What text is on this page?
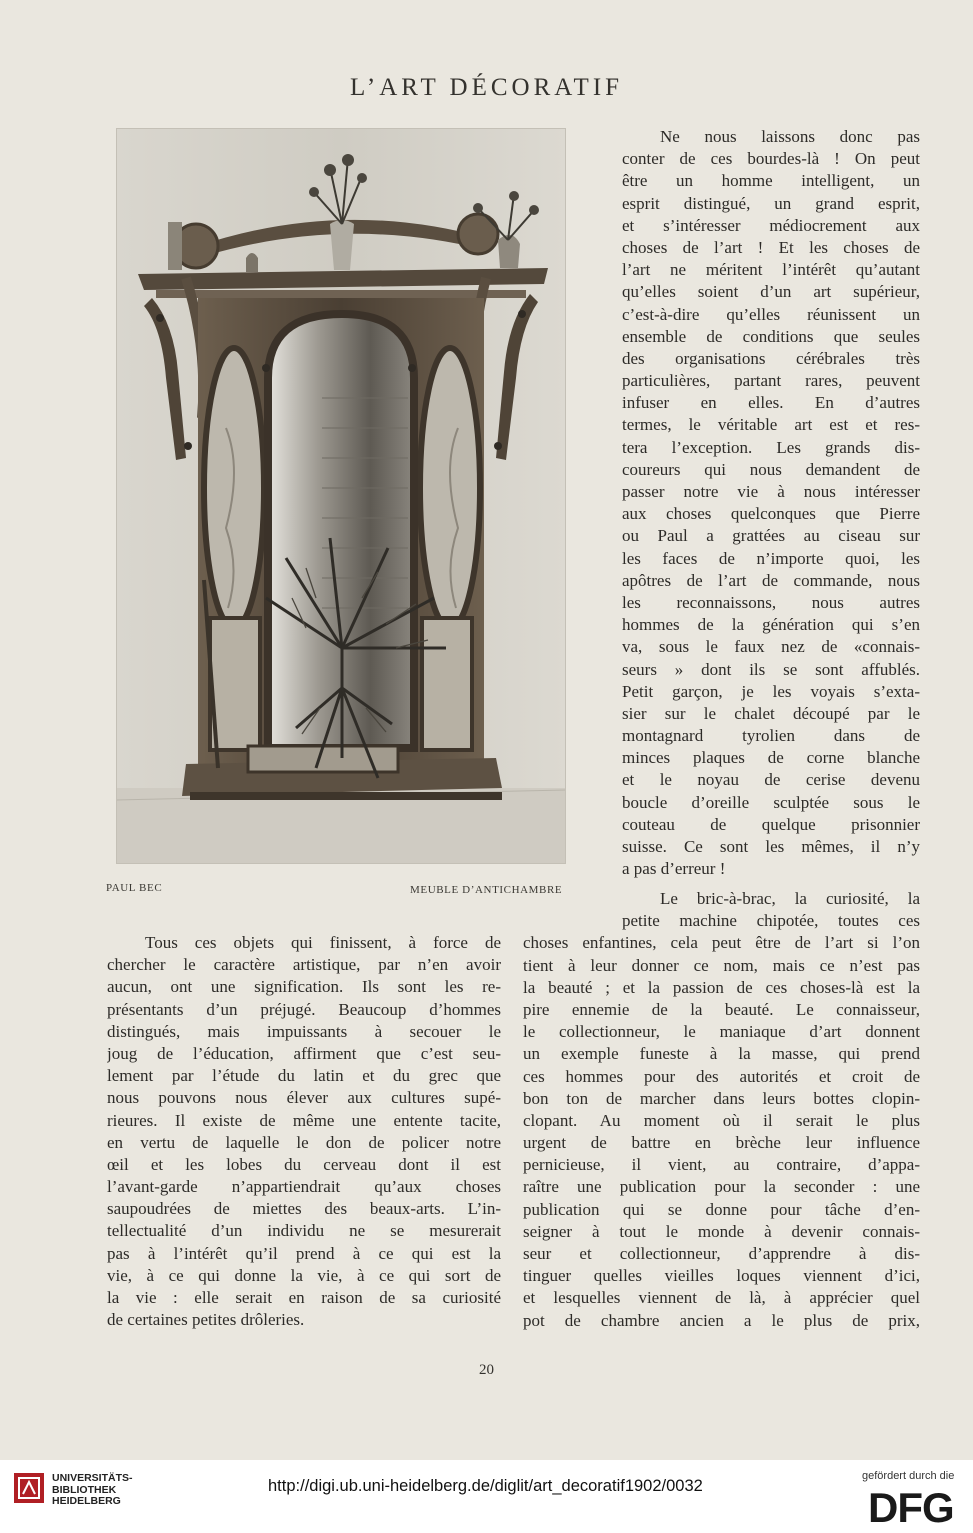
L’ART DÉCORATIF
PAUL BEC	MEUBLE D’ANTICHAMBRE
Ne nous laissons donc pas
conter de ces bourdes-là ! On peut
être un homme intelligent, un
esprit distingué, un grand esprit,
et s’intéresser médiocrement aux
choses de l’art ! Et les choses de
l’art ne méritent l’intérêt qu’autant
qu’elles soient d’un art supérieur,
c’est-à-dire qu’elles réunissent un
ensemble de conditions que seules
des organisations cérébrales très
particulières, partant rares, peuvent
infuser en elles. En d’autres
termes, le véritable art est et res-
tera l’exception. Les grands dis-
coureurs qui nous demandent de
passer notre vie à nous intéresser
aux choses quelconques que Pierre
ou Paul a grattées au ciseau sur
les faces de n’importe quoi, les
apôtres de l’art de commande, nous
les reconnaissons, nous autres
hommes de la génération qui s’en
va, sous le faux nez de «connais-
seurs » dont ils se sont affublés.
Petit garçon, je les voyais s’exta-
sier sur le chalet découpé par le
montagnard tyrolien dans de
minces plaques de corne blanche
et le noyau de cerise devenu
boucle d’oreille sculptée sous le
couteau de quelque prisonnier
suisse. Ce sont les mêmes, il n’y
a pas d’erreur !
Le bric-à-brac, la curiosité, la
petite machine chipotée, toutes ces
choses enfantines, cela peut être de l’art si l’on
tient à leur donner ce nom, mais ce n’est pas
la beauté ; et la passion de ces choses-là est la
pire ennemie de la beauté. Le connaisseur,
le collectionneur, le maniaque d’art donnent
un exemple funeste à la masse, qui prend
ces hommes pour des autorités et croit de
bon ton de marcher dans leurs bottes clopin-
clopant. Au moment où il serait le plus
urgent de battre en brèche leur influence
pernicieuse, il vient, au contraire, d’appa-
raître une publication pour la seconder : une
publication qui se donne pour tâche d’en-
seigner à tout le monde à devenir connais-
seur et collectionneur, d’apprendre à dis-
tinguer quelles vieilles loques viennent d’ici,
et lesquelles viennent de là, à apprécier quel
pot de chambre ancien a le plus de prix,
Tous ces objets qui finissent, à force de
chercher le caractère artistique, par n’en avoir
aucun, ont une signification. Ils sont les re-
présentants d’un préjugé. Beaucoup d’hommes
distingués, mais impuissants à secouer le
joug de l’éducation, affirment que c’est seu-
lement par l’étude du latin et du grec que
nous pouvons nous élever aux cultures supé-
rieures. Il existe de même une entente tacite,
en vertu de laquelle le don de policer notre
œil et les lobes du cerveau dont il est
l’avant-garde n’appartiendrait qu’aux choses
saupoudrées de miettes des beaux-arts. L’in-
tellectualité d’un individu ne se mesurerait
pas à l’intérêt qu’il prend à ce qui est la
vie, à ce qui donne la vie, à ce qui sort de
la vie : elle serait en raison de sa curiosité
de certaines petites drôleries.
20
UNIVERSITÄTS-
BIBLIOTHEK
HEIDELBERG
http://digi.ub.uni-heidelberg.de/diglit/art_decoratif1902/0032
gefördert durch die
DFG
